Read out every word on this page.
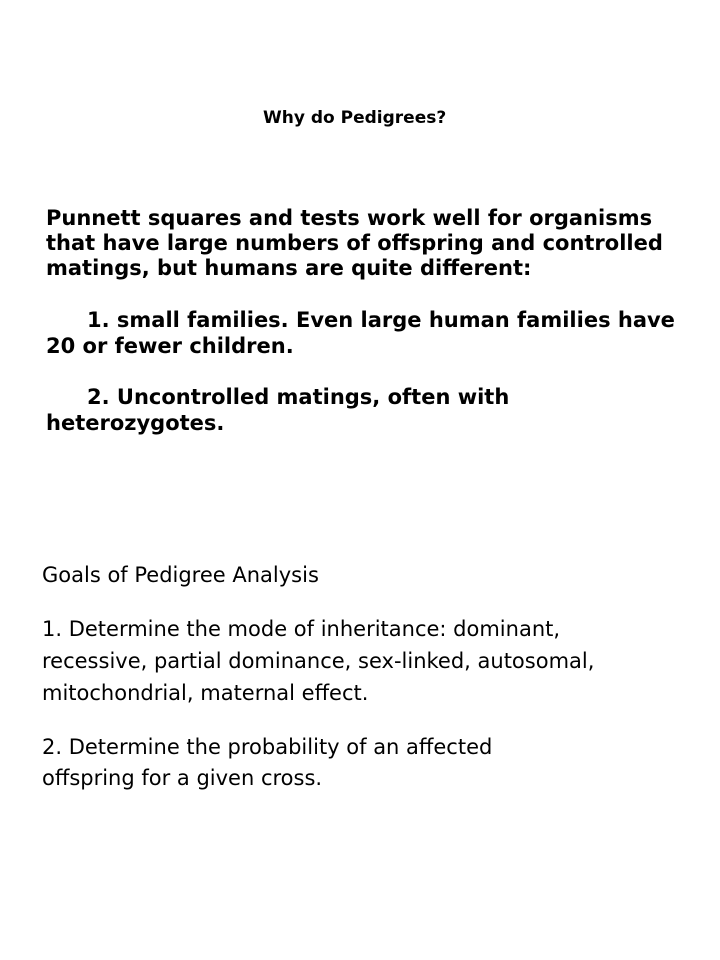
Why do Pedigrees?
Punnett squares and tests work well for organisms
that have large numbers of offspring and controlled
matings, but humans are quite different:
1. small families. Even large human families have
20 or fewer children.
2. Uncontrolled matings, often with
heterozygotes.
Goals of Pedigree Analysis
1. Determine the mode of inheritance: dominant,
recessive, partial dominance, sex-linked, autosomal,
mitochondrial, maternal effect.
2. Determine the probability of an affected
offspring for a given cross.
